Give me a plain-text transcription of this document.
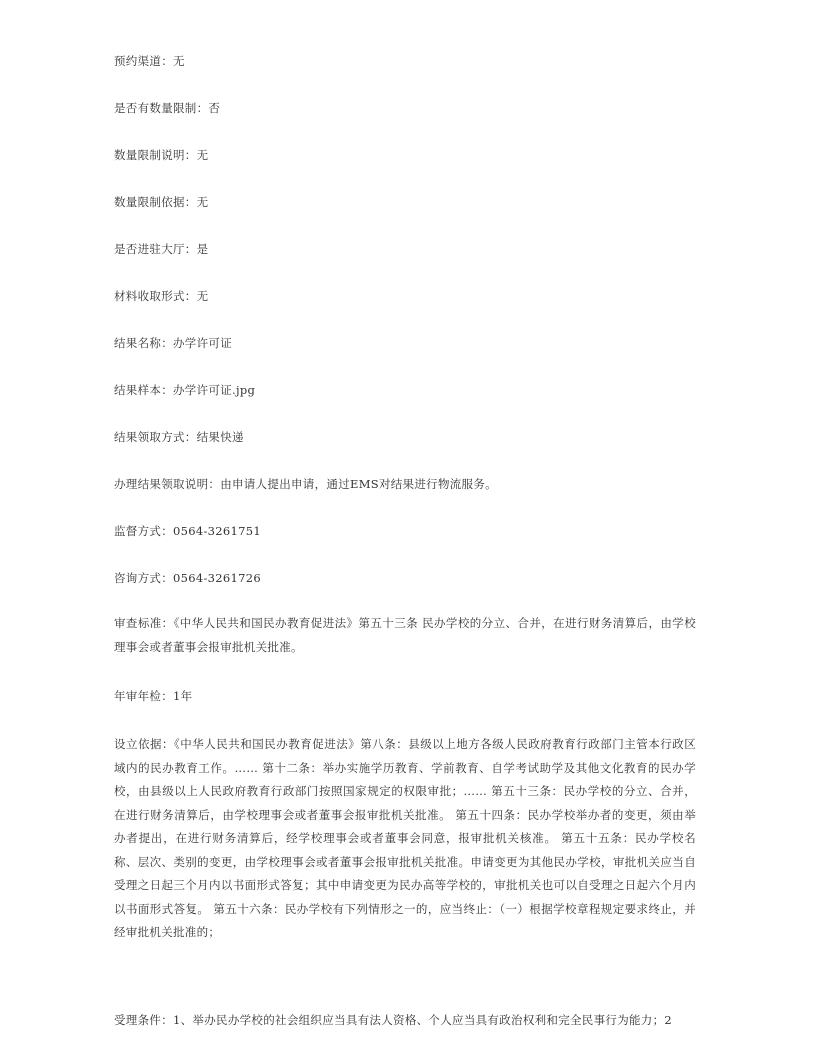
预约渠道：无
是否有数量限制：否
数量限制说明：无
数量限制依据：无
是否进驻大厅：是
材料收取形式：无
结果名称：办学许可证
结果样本：办学许可证.jpg
结果领取方式：结果快递
办理结果领取说明：由申请人提出申请，通过EMS对结果进行物流服务。
监督方式：0564-3261751
咨询方式：0564-3261726
审查标准：《中华人民共和国民办教育促进法》第五十三条 民办学校的分立、合并，在进行财务清算后，由学校理事会或者董事会报审批机关批准。
年审年检：1年
设立依据：《中华人民共和国民办教育促进法》第八条：县级以上地方各级人民政府教育行政部门主管本行政区域内的民办教育工作。…… 第十二条：举办实施学历教育、学前教育、自学考试助学及其他文化教育的民办学校，由县级以上人民政府教育行政部门按照国家规定的权限审批；…… 第五十三条：民办学校的分立、合并，在进行财务清算后，由学校理事会或者董事会报审批机关批准。 第五十四条：民办学校举办者的变更，须由举办者提出，在进行财务清算后，经学校理事会或者董事会同意，报审批机关核准。 第五十五条：民办学校名称、层次、类别的变更，由学校理事会或者董事会报审批机关批准。申请变更为其他民办学校，审批机关应当自受理之日起三个月内以书面形式答复；其中申请变更为民办高等学校的，审批机关也可以自受理之日起六个月内以书面形式答复。 第五十六条：民办学校有下列情形之一的，应当终止：（一）根据学校章程规定要求终止，并经审批机关批准的；
受理条件：1、举办民办学校的社会组织应当具有法人资格、个人应当具有政治权利和完全民事行为能力；2
